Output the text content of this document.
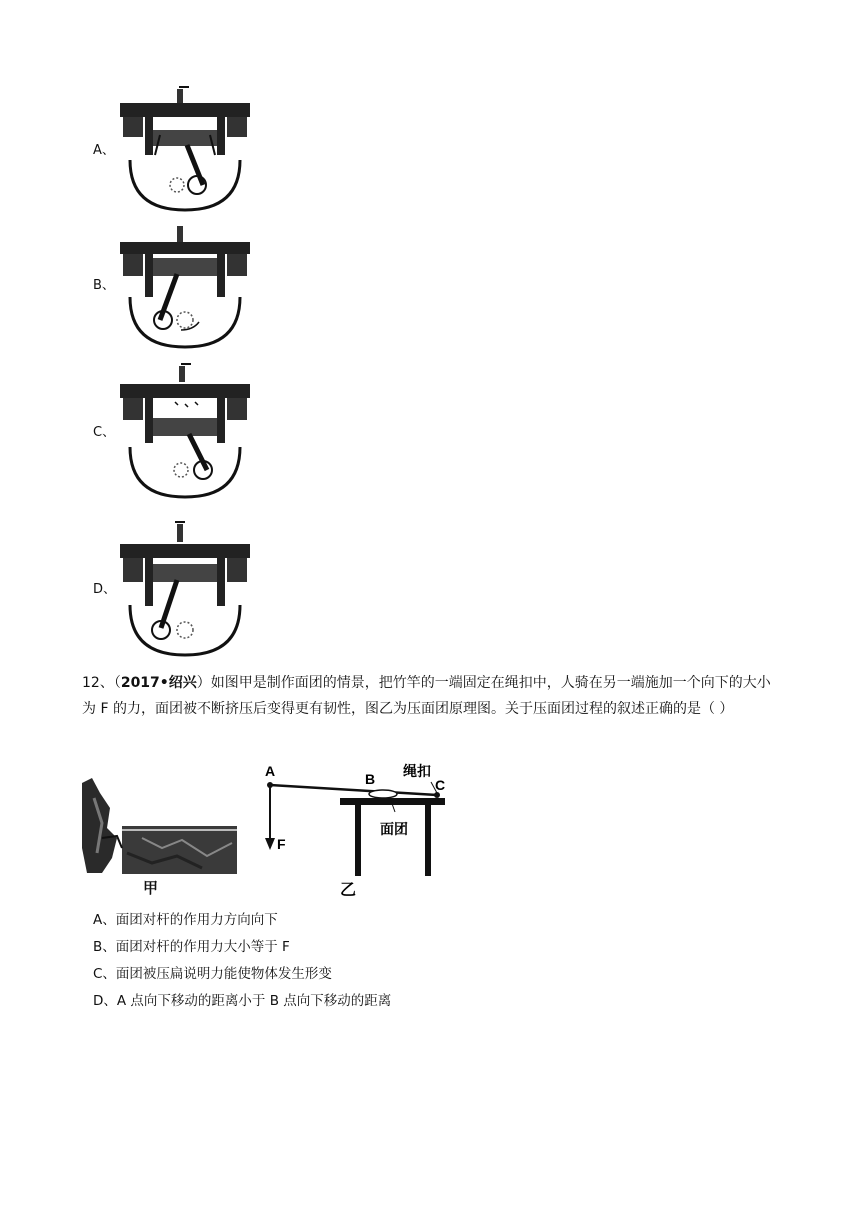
A、
B、
C、
D、
12、（2017•绍兴）如图甲是制作面团的情景，把竹竿的一端固定在绳扣中，人骑在另一端施加一个向下的大小为 F 的力，面团被不断挤压后变得更有韧性，图乙为压面团原理图。关于压面团过程的叙述正确的是（ ）
甲
A	B	C
F
绳扣
面团
乙
A、面团对杆的作用力方向向下
B、面团对杆的作用力大小等于 F
C、面团被压扁说明力能使物体发生形变
D、A 点向下移动的距离小于 B 点向下移动的距离
